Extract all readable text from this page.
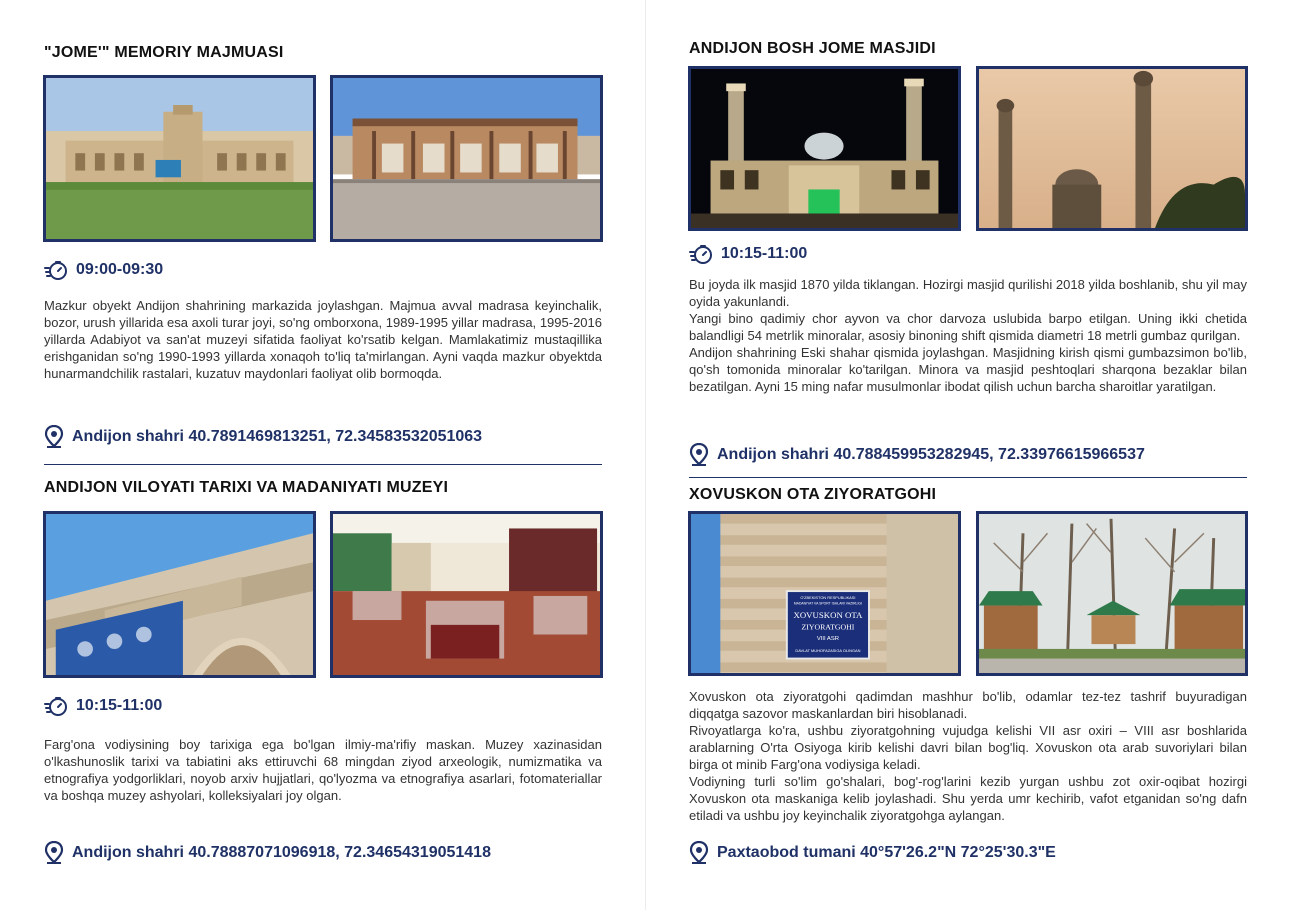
"JOME'" MEMORIY MAJMUASI
09:00-09:30

Mazkur obyekt Andijon shahrining markazida joylashgan. Majmua avval madrasa keyinchalik, bozor, urush yillarida esa axoli turar joyi, so'ng omborxona, 1989-1995 yillar madrasa, 1995-2016 yillarda Adabiyot va san'at muzeyi sifatida faoliyat ko'rsatib kelgan. Mamlakatimiz mustaqillika erishganidan so'ng 1990-1993 yillarda xonaqoh to'liq ta'mirlangan. Ayni vaqda mazkur obyektda hunarmandchilik rastalari, kuzatuv maydonlari faoliyat olib bormoqda.

Andijon shahri 40.7891469813251, 72.34583532051063
ANDIJON VILOYATI TARIXI VA MADANIYATI MUZEYI
10:15-11:00

Farg'ona vodiysining boy tarixiga ega bo'lgan ilmiy-ma'rifiy maskan. Muzey xazinasidan o'lkashunoslik tarixi va tabiatini aks ettiruvchi 68 mingdan ziyod arxeologik, numizmatika va etnografiya yodgorliklari, noyob arxiv hujjatlari, qo'lyozma va etnografiya asarlari, fotomateriallar va boshqa muzey ashyolari, kolleksiyalari joy olgan.

Andijon shahri 40.78887071096918, 72.34654319051418
ANDIJON BOSH JOME MASJIDI
10:15-11:00

Bu joyda ilk masjid 1870 yilda tiklangan. Hozirgi masjid qurilishi 2018 yilda boshlanib, shu yil may oyida yakunlandi.

Yangi bino qadimiy chor ayvon va chor darvoza uslubida barpo etilgan. Uning ikki chetida balandligi 54 metrlik minoralar, asosiy binoning shift qismida diametri 18 metrli gumbaz qurilgan.

Andijon shahrining Eski shahar qismida joylashgan. Masjidning kirish qismi gumbazsimon bo'lib, qo'sh tomonida minoralar ko'tarilgan. Minora va masjid peshtoqlari sharqona bezaklar bilan bezatilgan. Ayni 15 ming nafar musulmonlar ibodat qilish uchun barcha sharoitlar yaratilgan.

Andijon shahri 40.788459953282945, 72.33976615966537
XOVUSKON OTA ZIYORATGOHI
O'ZBEKISTON RESPUBLIKASI
MADANIYAT VA SPORT ISHLARI VAZIRLIGI
XOVUSKON OTA
ZIYORATGOHI
VIII ASR
DAVLAT MUHOFAZASIGA OLINGAN

Xovuskon ota ziyoratgohi qadimdan mashhur bo'lib, odamlar tez-tez tashrif buyuradigan diqqatga sazovor maskanlardan biri hisoblanadi.

Rivoyatlarga ko'ra, ushbu ziyoratgohning vujudga kelishi VII asr oxiri – VIII asr boshlarida arablarning O'rta Osiyoga kirib kelishi davri bilan bog'liq. Xovuskon ota arab suvoriylari bilan birga ot minib Farg'ona vodiysiga keladi.

Vodiyning turli so'lim go'shalari, bog'-rog'larini kezib yurgan ushbu zot oxir-oqibat hozirgi Xovuskon ota maskaniga kelib joylashadi. Shu yerda umr kechirib, vafot etganidan so'ng dafn etiladi va ushbu joy keyinchalik ziyoratgohga aylangan.

Paxtaobod tumani 40°57'26.2"N 72°25'30.3"E
